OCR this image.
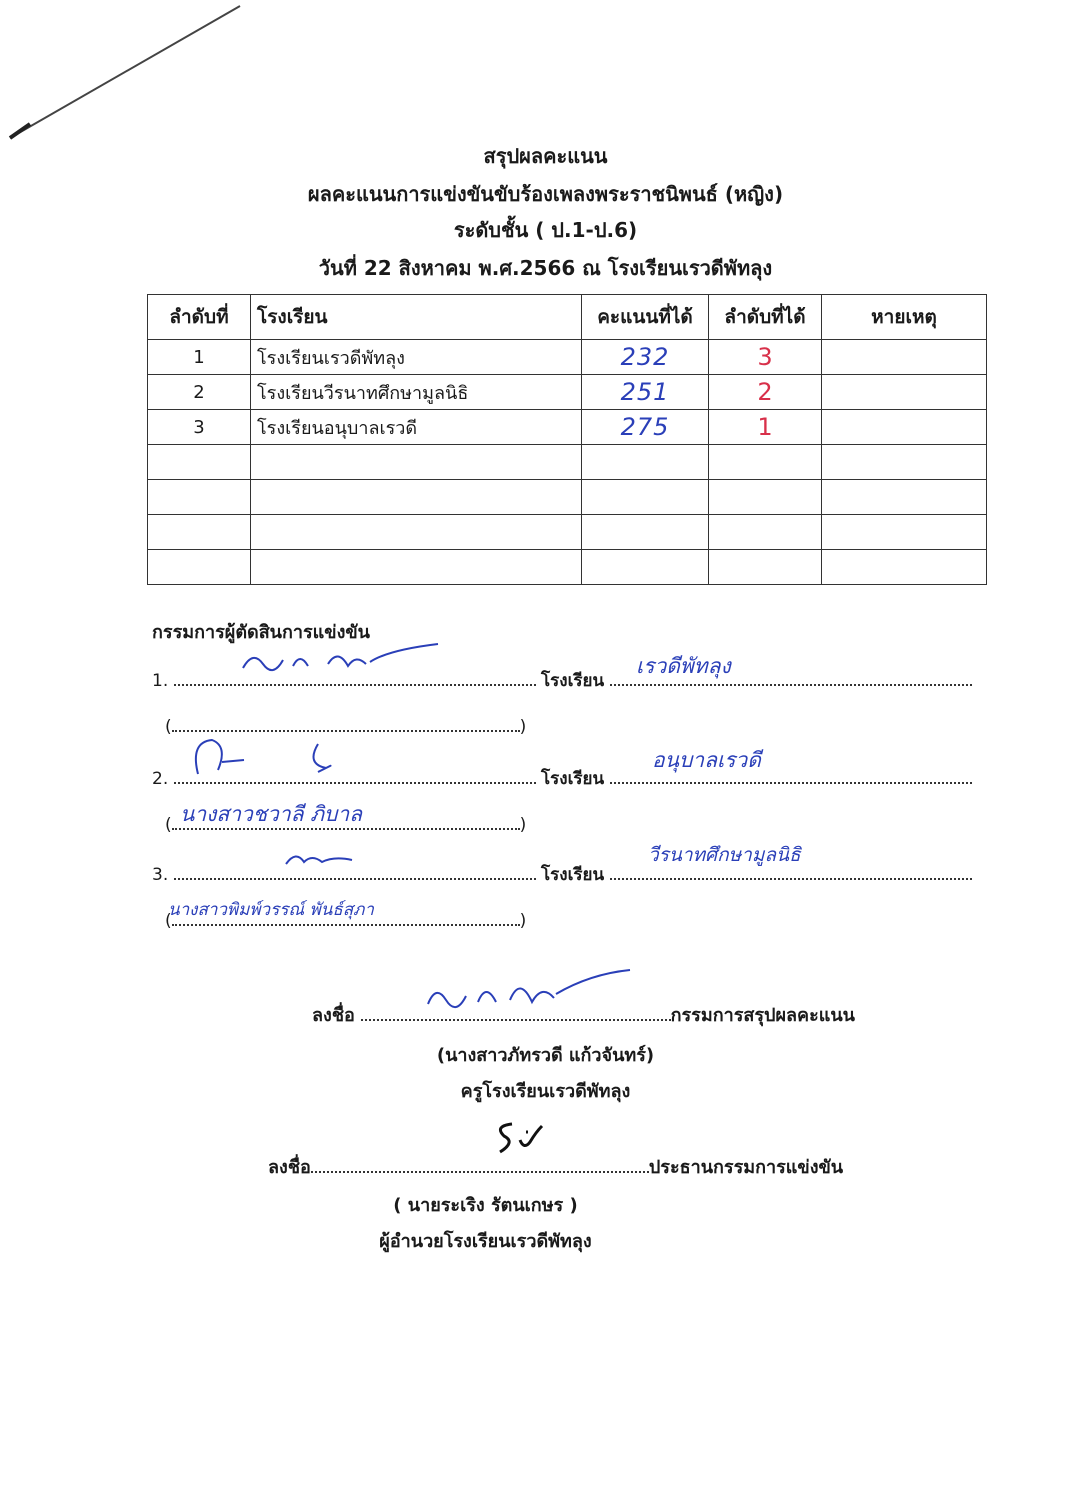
สรุปผลคะแนน
ผลคะแนนการแข่งขันขับร้องเพลงพระราชนิพนธ์ (หญิง)
ระดับชั้น ( ป.1-ป.6)
วันที่ 22 สิงหาคม พ.ศ.2566 ณ โรงเรียนเรวดีพัทลุง
ลำดับที่	โรงเรียน	คะแนนที่ได้	ลำดับที่ได้	หายเหตุ
1	โรงเรียนเรวดีพัทลุง	232	3	
2	โรงเรียนวีรนาทศึกษามูลนิธิ	251	2	
3	โรงเรียนอนุบาลเรวดี	275	1	

กรรมการผู้ตัดสินการแข่งขัน
1.	โรงเรียน
เรวดีพัทลุง
(	)
2.	โรงเรียน
อนุบาลเรวดี
(	)
นางสาวชวาลี ภิบาล
3.	โรงเรียน
วีรนาทศึกษามูลนิธิ
(	)
นางสาวพิมพ์วรรณ์ พันธ์สุภา
ลงชื่อ	กรรมการสรุปผลคะแนน
(นางสาวภัทรวดี แก้วจันทร์)
ครูโรงเรียนเรวดีพัทลุง
ลงชื่อ	ประธานกรรมการแข่งขัน
( นายระเริง รัตนเกษร )
ผู้อำนวยโรงเรียนเรวดีพัทลุง
